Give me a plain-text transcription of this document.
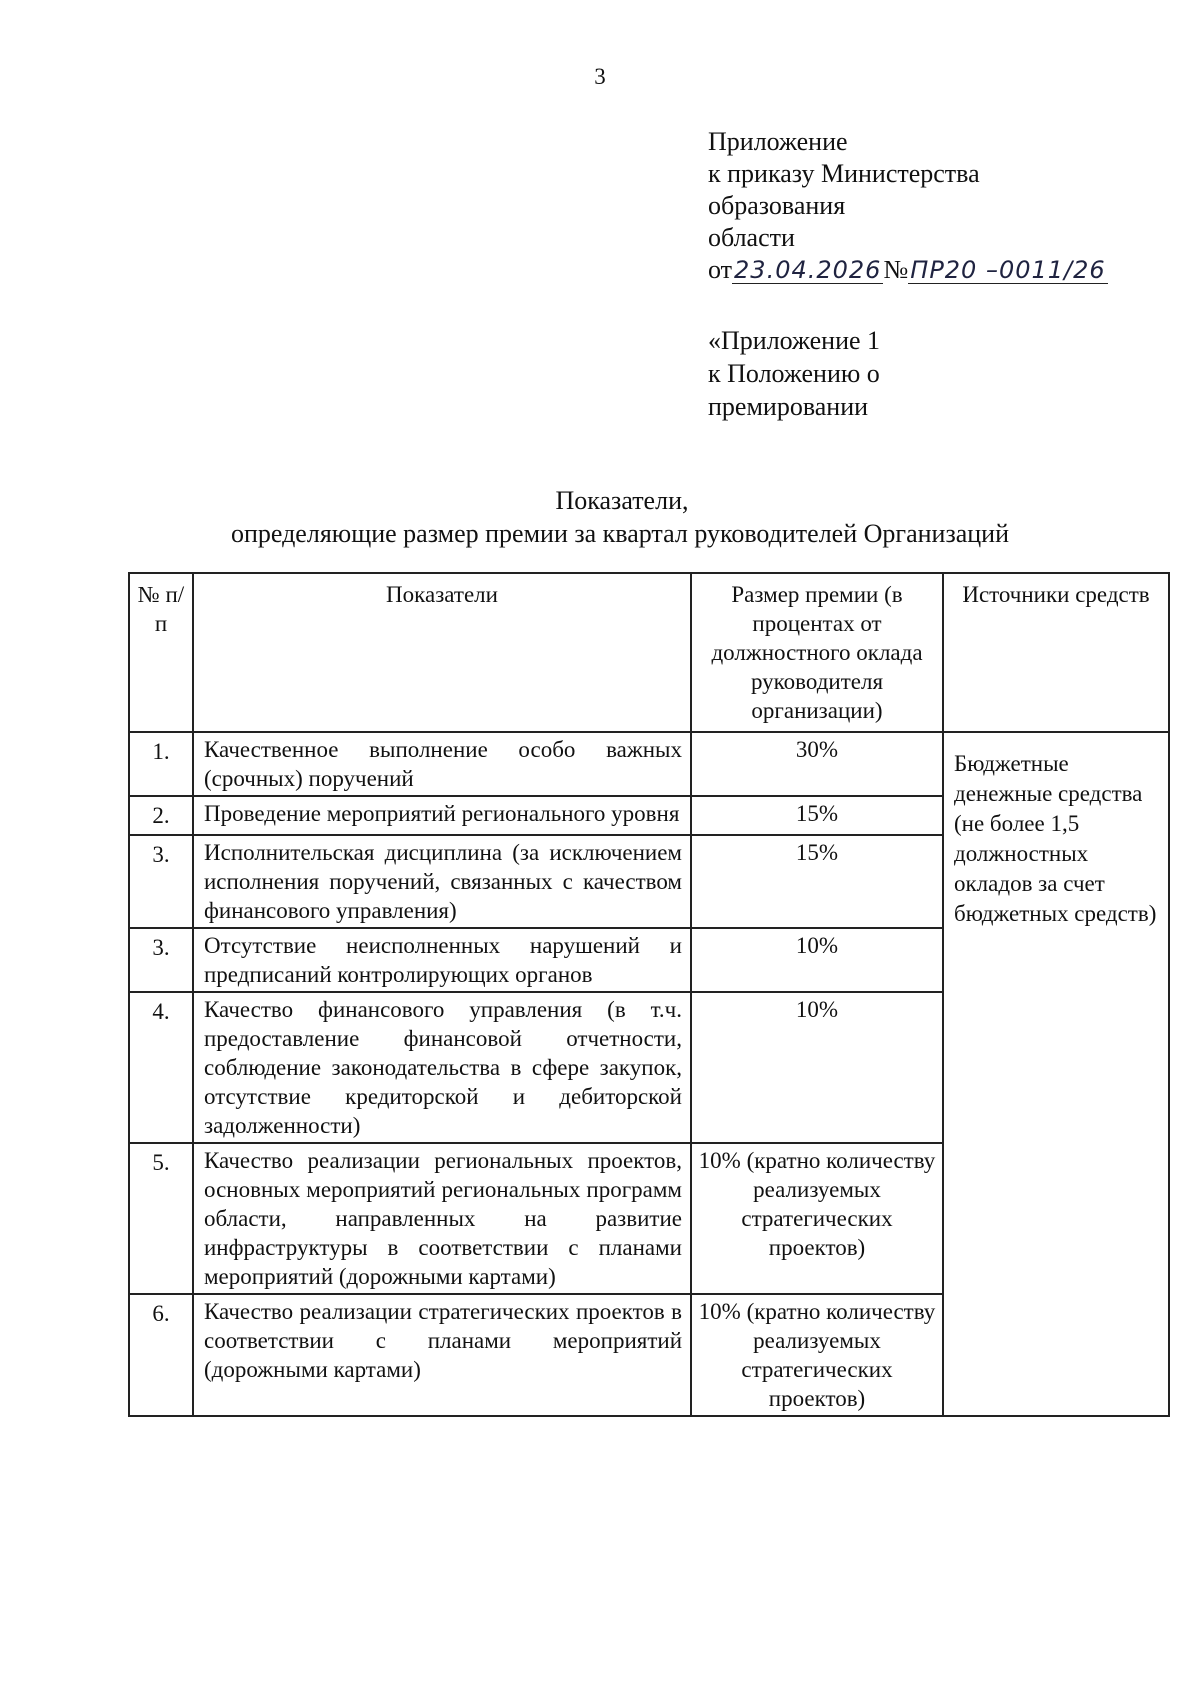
3
Приложение
к приказу Министерства
образования
области
от23.04.2026№ПР20 –0011/26
«Приложение 1
к Положению о
премировании
Показатели,
определяющие размер премии за квартал руководителей Организаций
№ п/п	Показатели	Размер премии (в процентах от должностного оклада руководителя организации)	Источники средств
1.	Качественное выполнение особо важных (срочных) поручений	30%	Бюджетные денежные средства (не более 1,5 должностных окладов за счет бюджетных средств)
2.	Проведение мероприятий регионального уровня	15%	
3.	Исполнительская дисциплина (за исключением исполнения поручений, связанных с качеством финансового управления)	15%	
3.	Отсутствие неисполненных нарушений и предписаний контролирующих органов	10%	
4.	Качество финансового управления (в т.ч. предоставление финансовой отчетности, соблюдение законодательства в сфере закупок, отсутствие кредиторской и дебиторской задолженности)	10%	
5.	Качество реализации региональных проектов, основных мероприятий региональных программ области, направленных на развитие инфраструктуры в соответствии с планами мероприятий (дорожными картами)	10% (кратно количеству реализуемых стратегических проектов)	
6.	Качество реализации стратегических проектов в соответствии с планами мероприятий (дорожными картами)	10% (кратно количеству реализуемых стратегических проектов)	
